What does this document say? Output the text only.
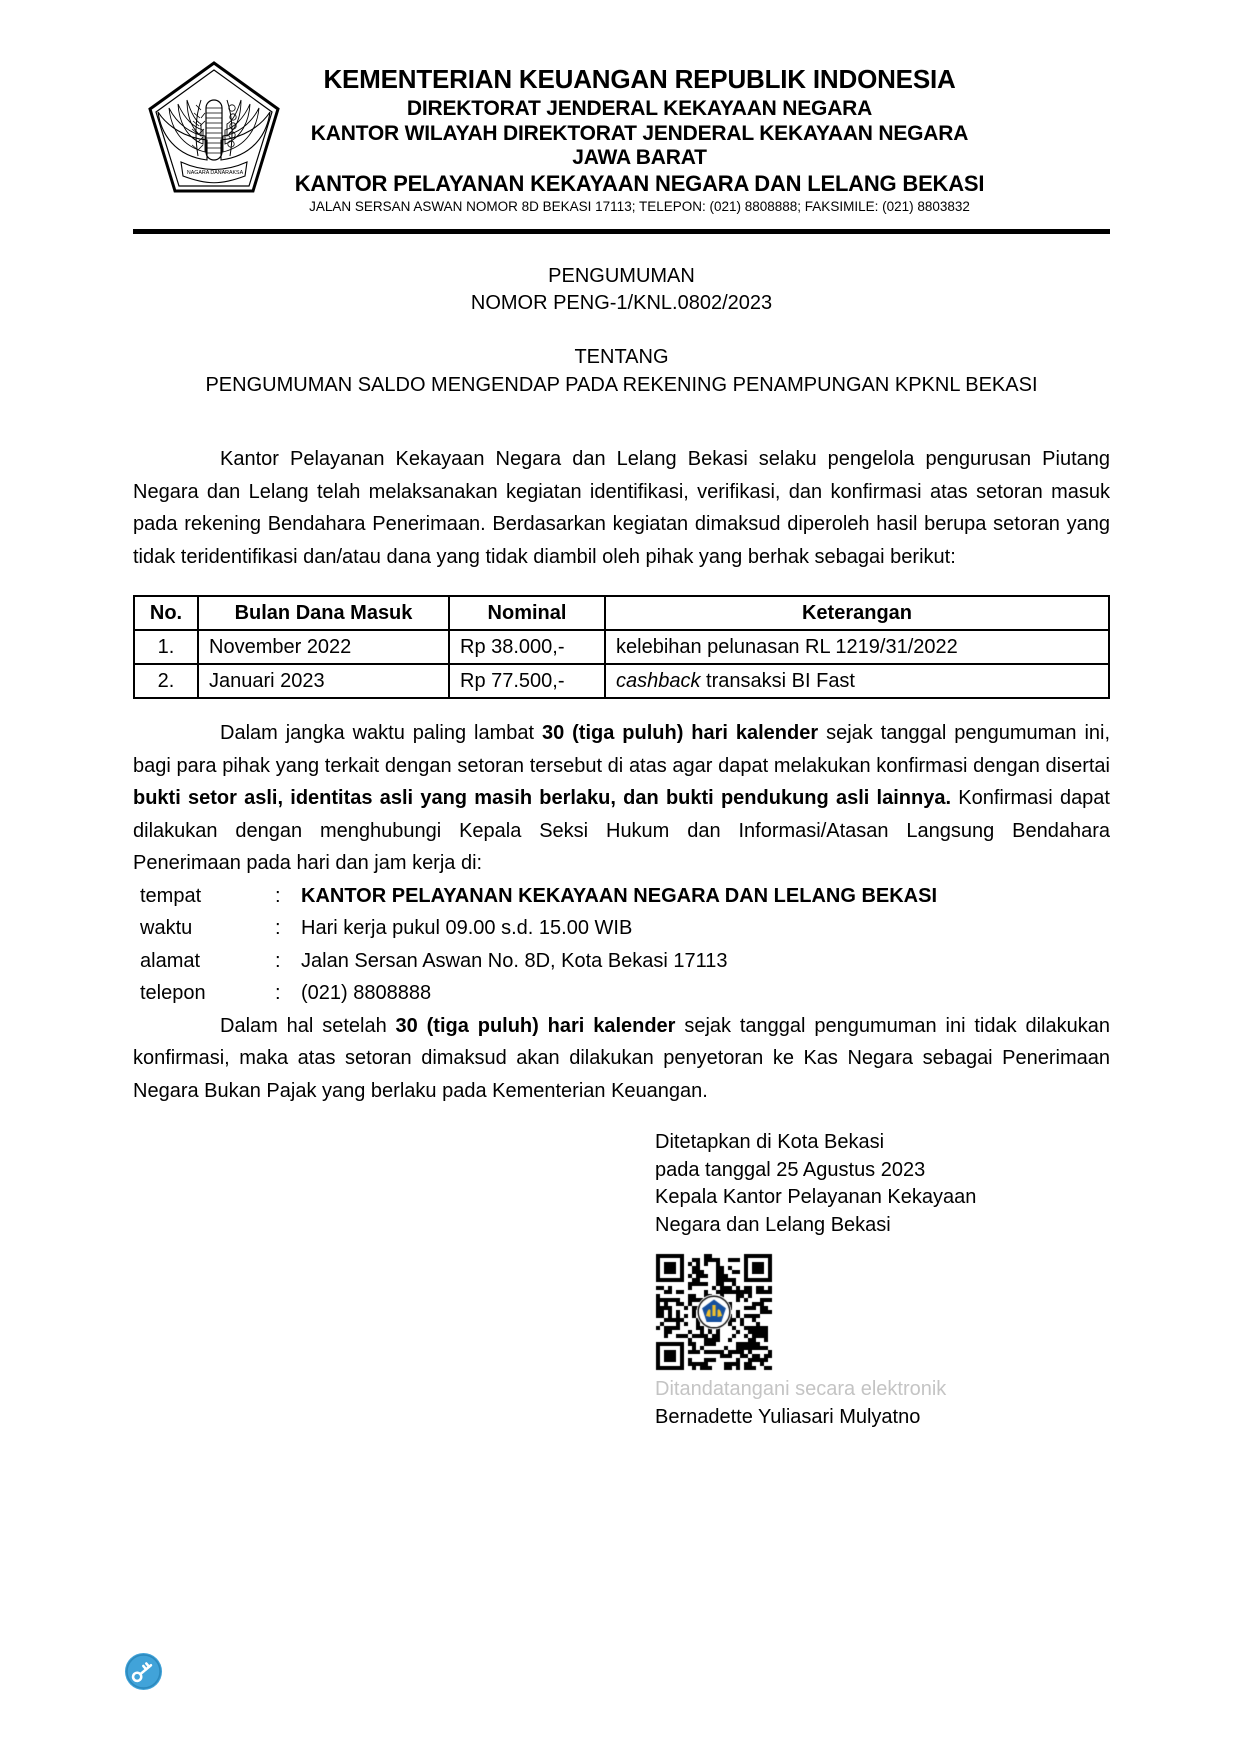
KEMENTERIAN KEUANGAN REPUBLIK INDONESIA
DIREKTORAT JENDERAL KEKAYAAN NEGARA
KANTOR WILAYAH DIREKTORAT JENDERAL KEKAYAAN NEGARA
JAWA BARAT
KANTOR PELAYANAN KEKAYAAN NEGARA DAN LELANG BEKASI
JALAN SERSAN ASWAN NOMOR 8D BEKASI 17113; TELEPON: (021) 8808888; FAKSIMILE: (021) 8803832
NAGARA DANARAKSA
PENGUMUMAN
NOMOR PENG-1/KNL.0802/2023
TENTANG
PENGUMUMAN SALDO MENGENDAP PADA REKENING PENAMPUNGAN KPKNL BEKASI

Kantor Pelayanan Kekayaan Negara dan Lelang Bekasi selaku pengelola pengurusan Piutang Negara dan Lelang telah melaksanakan kegiatan identifikasi, verifikasi, dan konfirmasi atas setoran masuk pada rekening Bendahara Penerimaan. Berdasarkan kegiatan dimaksud diperoleh hasil berupa setoran yang tidak teridentifikasi dan/atau dana yang tidak diambil oleh pihak yang berhak sebagai berikut:

No.	Bulan Dana Masuk	Nominal	Keterangan
1.	November 2022	Rp 38.000,-	kelebihan pelunasan RL 1219/31/2022
2.	Januari 2023	Rp 77.500,-	cashback transaksi BI Fast

Dalam jangka waktu paling lambat 30 (tiga puluh) hari kalender sejak tanggal pengumuman ini, bagi para pihak yang terkait dengan setoran tersebut di atas agar dapat melakukan konfirmasi dengan disertai bukti setor asli, identitas asli yang masih berlaku, dan bukti pendukung asli lainnya. Konfirmasi dapat dilakukan dengan menghubungi Kepala Seksi Hukum dan Informasi/Atasan Langsung Bendahara Penerimaan pada hari dan jam kerja di:

tempat	:	KANTOR PELAYANAN KEKAYAAN NEGARA DAN LELANG BEKASI
waktu	:	Hari kerja pukul 09.00 s.d. 15.00 WIB
alamat	:	Jalan Sersan Aswan No. 8D, Kota Bekasi 17113
telepon	:	(021) 8808888

Dalam hal setelah 30 (tiga puluh) hari kalender sejak tanggal pengumuman ini tidak dilakukan konfirmasi, maka atas setoran dimaksud akan dilakukan penyetoran ke Kas Negara sebagai Penerimaan Negara Bukan Pajak yang berlaku pada Kementerian Keuangan.

Ditetapkan di Kota Bekasi
pada tanggal 25 Agustus 2023
Kepala Kantor Pelayanan Kekayaan
Negara dan Lelang Bekasi
Ditandatangani secara elektronik
Bernadette Yuliasari Mulyatno
